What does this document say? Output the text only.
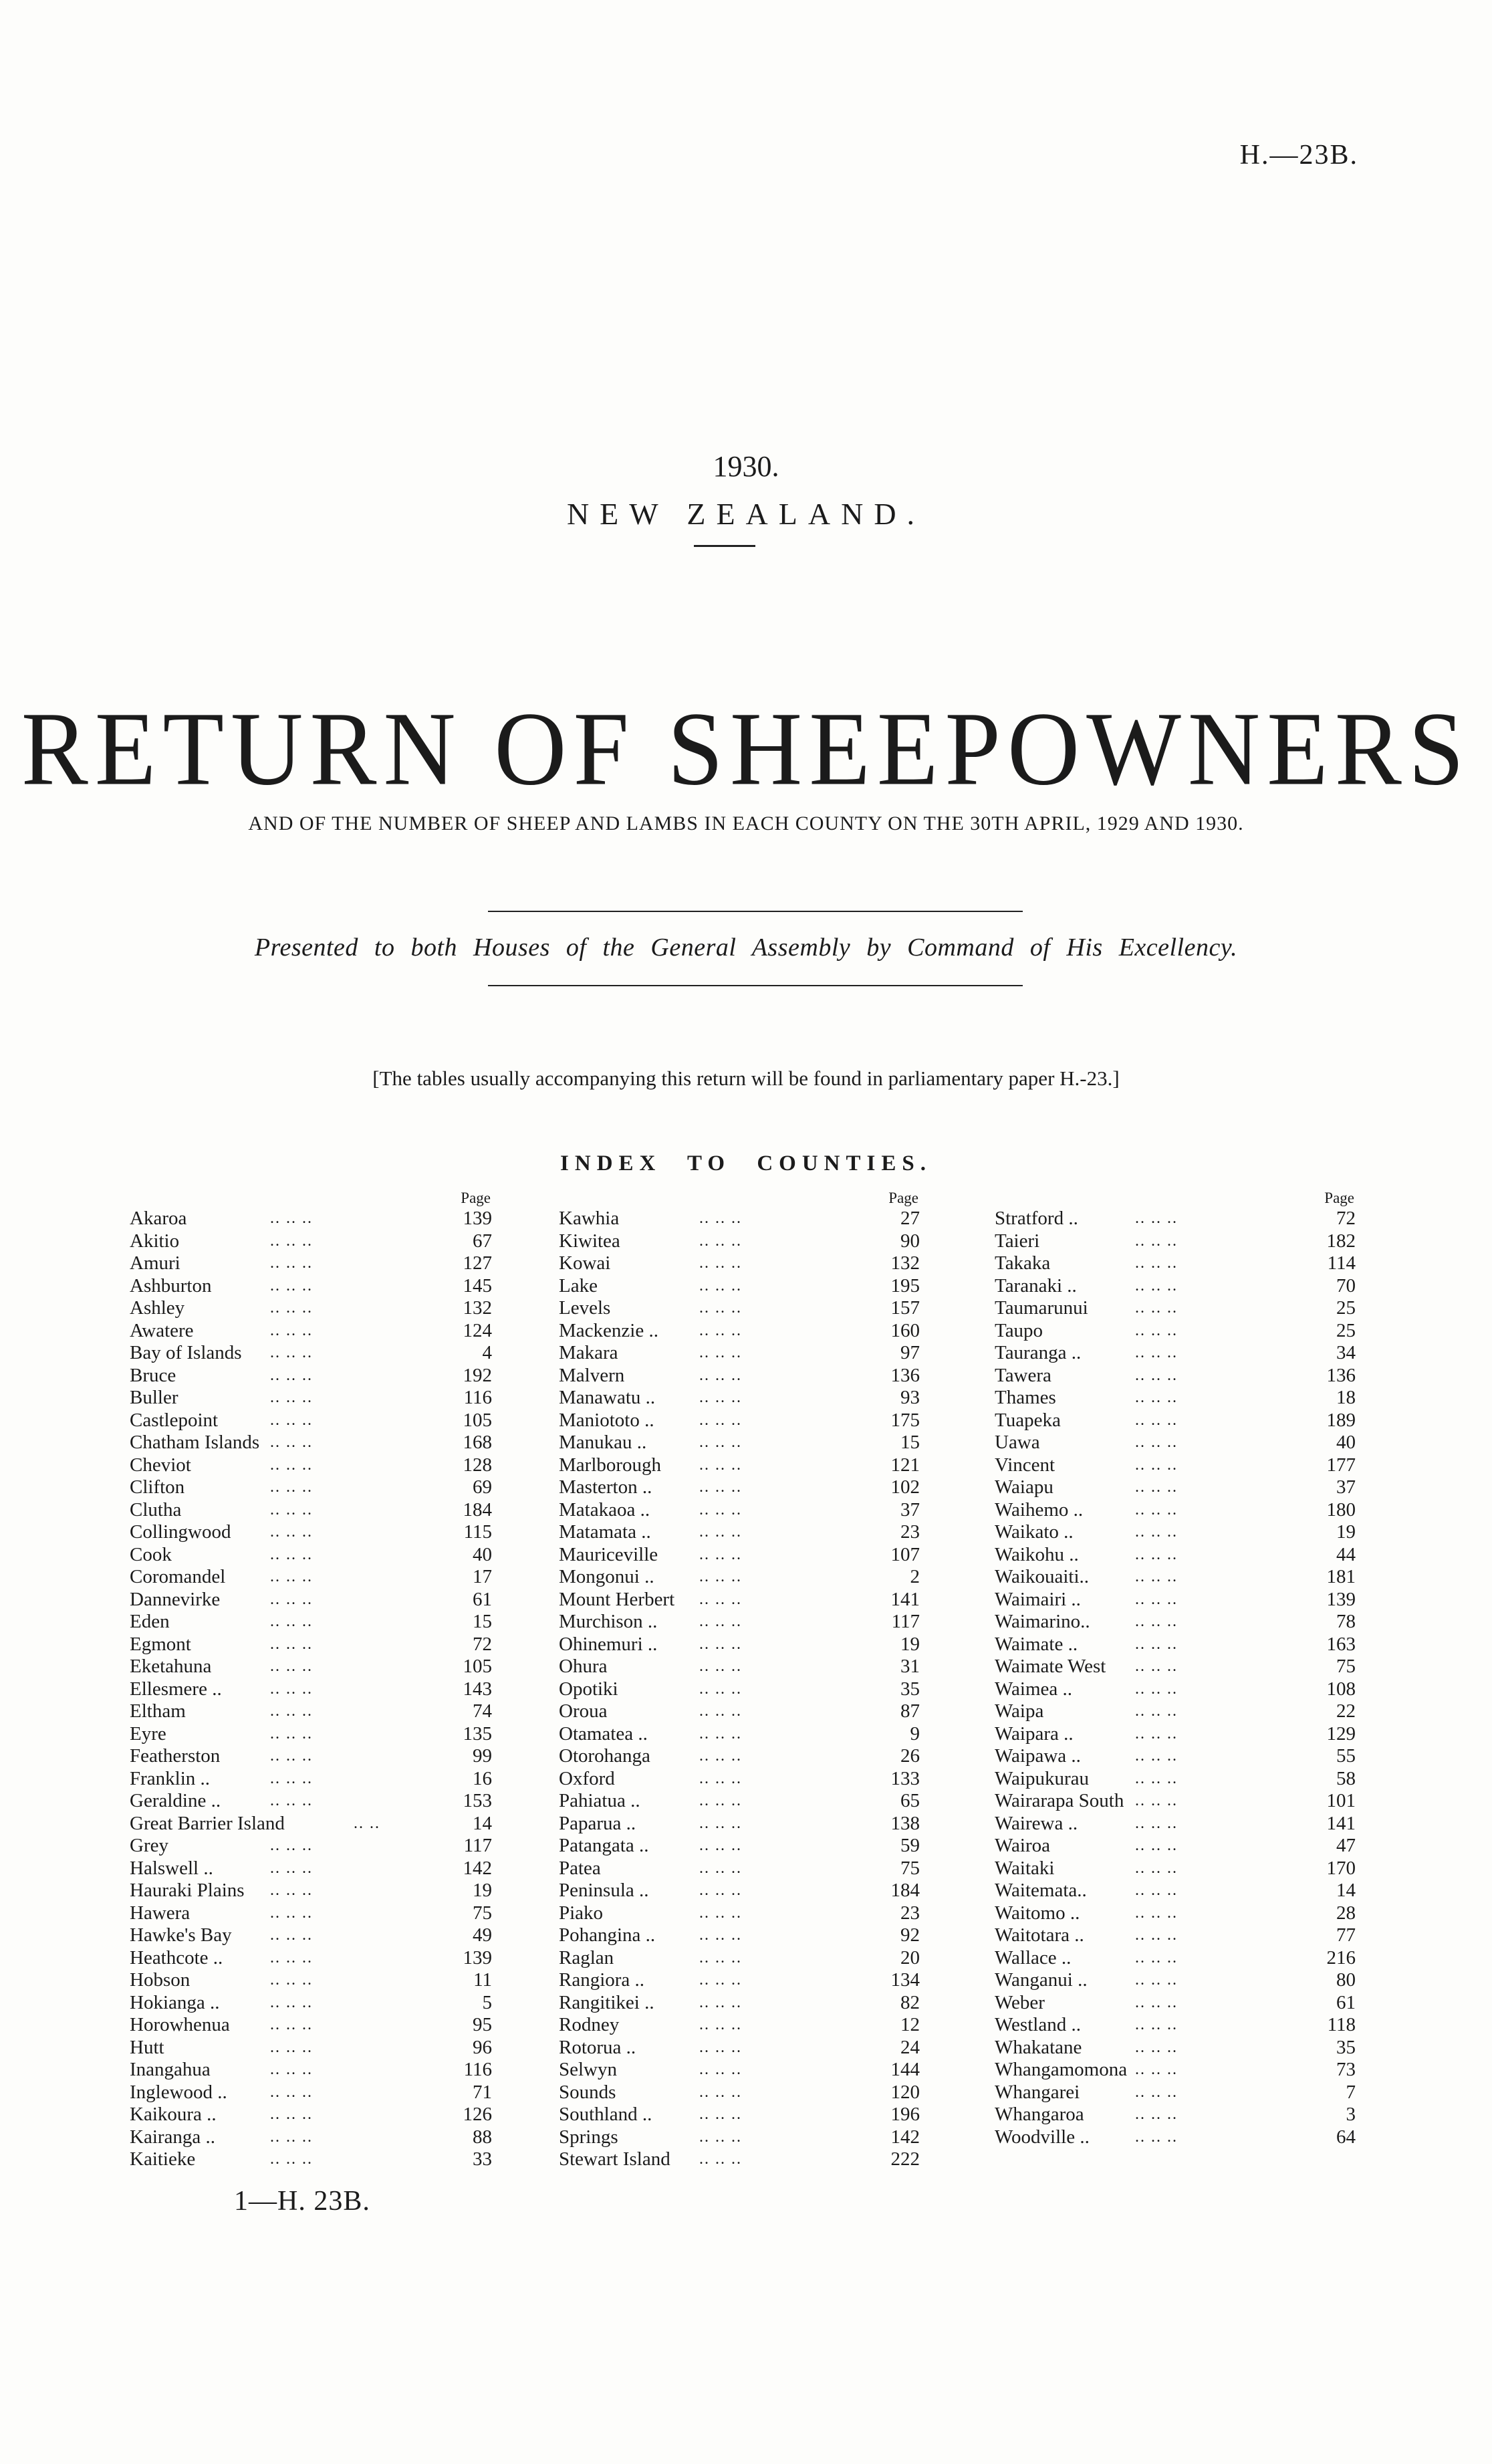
H.—23B.
1930.
NEW ZEALAND.
RETURN OF SHEEPOWNERS
AND OF THE NUMBER OF SHEEP AND LAMBS IN EACH COUNTY ON THE 30TH APRIL, 1929 AND 1930.
Presented to both Houses of the General Assembly by Command of His Excellency.
[The tables usually accompanying this return will be found in parliamentary paper H.-23.]
INDEX TO COUNTIES.
Page
Akaroa	.. .. ..	139
Akitio	.. .. ..	67
Amuri	.. .. ..	127
Ashburton	.. .. ..	145
Ashley	.. .. ..	132
Awatere	.. .. ..	124
Bay of Islands .. .. ..	4
Bruce	.. .. ..	192
Buller	.. .. ..	116
Castlepoint	.. .. ..	105
Chatham Islands .. .. ..	168
Cheviot	.. .. ..	128
Clifton	.. .. ..	69
Clutha	.. .. ..	184
Collingwood .. .. ..	115
Cook	.. .. ..	40
Coromandel	.. .. ..	17
Dannevirke	.. .. ..	61
Eden	.. .. ..	15
Egmont	.. .. ..	72
Eketahuna	.. .. ..	105
Ellesmere ..	.. .. ..	143
Eltham	.. .. ..	74
Eyre	.. .. ..	135
Featherston	.. .. ..	99
Franklin ..	.. .. ..	16
Geraldine ..	.. .. ..	153
Great Barrier Island	.. ..	14
Grey	.. .. ..	117
Halswell ..	.. .. ..	142
Hauraki Plains .. .. ..	19
Hawera	.. .. ..	75
Hawke's Bay .. .. ..	49
Heathcote ..	.. .. ..	139
Hobson	.. .. ..	11
Hokianga ..	.. .. ..	5
Horowhenua	.. .. ..	95
Hutt	.. .. ..	96
Inangahua	.. .. ..	116
Inglewood ..	.. .. ..	71
Kaikoura ..	.. .. ..	126
Kairanga ..	.. .. ..	88
Kaitieke	.. .. ..	33
Page
Kawhia	.. .. ..	27
Kiwitea	.. .. ..	90
Kowai	.. .. ..	132
Lake	.. .. ..	195
Levels	.. .. ..	157
Mackenzie ..	.. .. ..	160
Makara	.. .. ..	97
Malvern	.. .. ..	136
Manawatu ..	.. .. ..	93
Maniototo ..	.. .. ..	175
Manukau ..	.. .. ..	15
Marlborough .. .. ..	121
Masterton ..	.. .. ..	102
Matakaoa ..	.. .. ..	37
Matamata ..	.. .. ..	23
Mauriceville	.. .. ..	107
Mongonui ..	.. .. ..	2
Mount Herbert .. .. ..	141
Murchison ..	.. .. ..	117
Ohinemuri ..	.. .. ..	19
Ohura	.. .. ..	31
Opotiki	.. .. ..	35
Oroua	.. .. ..	87
Otamatea ..	.. .. ..	9
Otorohanga	.. .. ..	26
Oxford	.. .. ..	133
Pahiatua ..	.. .. ..	65
Paparua ..	.. .. ..	138
Patangata ..	.. .. ..	59
Patea	.. .. ..	75
Peninsula ..	.. .. ..	184
Piako	.. .. ..	23
Pohangina ..	.. .. ..	92
Raglan	.. .. ..	20
Rangiora ..	.. .. ..	134
Rangitikei ..	.. .. ..	82
Rodney	.. .. ..	12
Rotorua ..	.. .. ..	24
Selwyn	.. .. ..	144
Sounds	.. .. ..	120
Southland ..	.. .. ..	196
Springs	.. .. ..	142
Stewart Island .. .. ..	222
Page
Stratford ..	.. .. ..	72
Taieri	.. .. ..	182
Takaka	.. .. ..	114
Taranaki ..	.. .. ..	70
Taumarunui	.. .. ..	25
Taupo	.. .. ..	25
Tauranga ..	.. .. ..	34
Tawera	.. .. ..	136
Thames	.. .. ..	18
Tuapeka	.. .. ..	189
Uawa	.. .. ..	40
Vincent	.. .. ..	177
Waiapu	.. .. ..	37
Waihemo ..	.. .. ..	180
Waikato ..	.. .. ..	19
Waikohu ..	.. .. ..	44
Waikouaiti..	.. .. ..	181
Waimairi ..	.. .. ..	139
Waimarino..	.. .. ..	78
Waimate ..	.. .. ..	163
Waimate West .. .. ..	75
Waimea ..	.. .. ..	108
Waipa	.. .. ..	22
Waipara ..	.. .. ..	129
Waipawa ..	.. .. ..	55
Waipukurau	.. .. ..	58
Wairarapa South .. .. ..	101
Wairewa ..	.. .. ..	141
Wairoa	.. .. ..	47
Waitaki	.. .. ..	170
Waitemata..	.. .. ..	14
Waitomo ..	.. .. ..	28
Waitotara ..	.. .. ..	77
Wallace ..	.. .. ..	216
Wanganui ..	.. .. ..	80
Weber	.. .. ..	61
Westland ..	.. .. ..	118
Whakatane	.. .. ..	35
Whangamomona .. .. ..	73
Whangarei	.. .. ..	7
Whangaroa	.. .. ..	3
Woodville ..	.. .. ..	64
1—H. 23B.
